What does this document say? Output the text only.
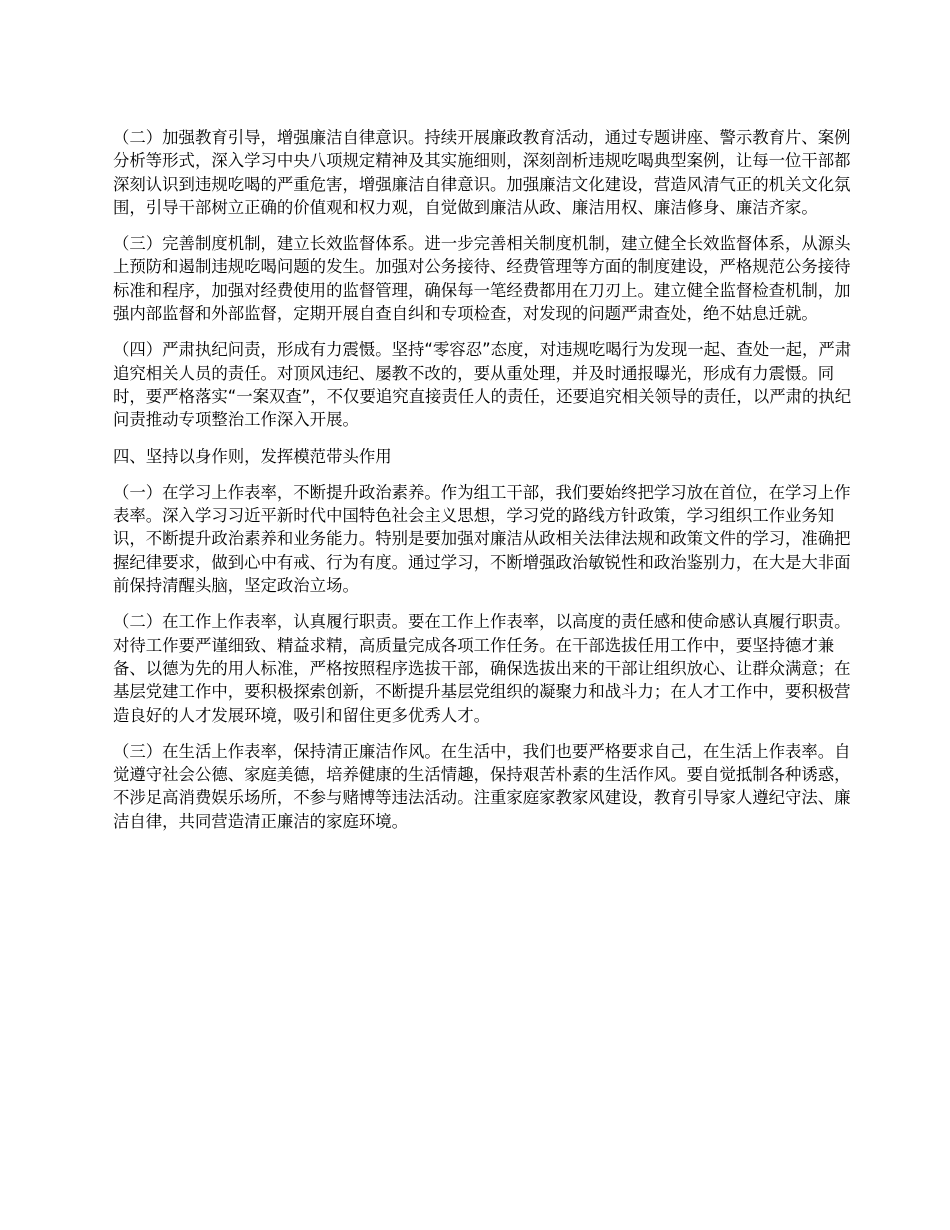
（二）加强教育引导，增强廉洁自律意识。持续开展廉政教育活动，通过专题讲座、警示教育片、案例分析等形式，深入学习中央八项规定精神及其实施细则，深刻剖析违规吃喝典型案例，让每一位干部都深刻认识到违规吃喝的严重危害，增强廉洁自律意识。加强廉洁文化建设，营造风清气正的机关文化氛围，引导干部树立正确的价值观和权力观，自觉做到廉洁从政、廉洁用权、廉洁修身、廉洁齐家。

（三）完善制度机制，建立长效监督体系。进一步完善相关制度机制，建立健全长效监督体系，从源头上预防和遏制违规吃喝问题的发生。加强对公务接待、经费管理等方面的制度建设，严格规范公务接待标准和程序，加强对经费使用的监督管理，确保每一笔经费都用在刀刃上。建立健全监督检查机制，加强内部监督和外部监督，定期开展自查自纠和专项检查，对发现的问题严肃查处，绝不姑息迁就。

（四）严肃执纪问责，形成有力震慑。坚持“零容忍”态度，对违规吃喝行为发现一起、查处一起，严肃追究相关人员的责任。对顶风违纪、屡教不改的，要从重处理，并及时通报曝光，形成有力震慑。同时，要严格落实“一案双查”，不仅要追究直接责任人的责任，还要追究相关领导的责任，以严肃的执纪问责推动专项整治工作深入开展。

四、坚持以身作则，发挥模范带头作用

（一）在学习上作表率，不断提升政治素养。作为组工干部，我们要始终把学习放在首位，在学习上作表率。深入学习习近平新时代中国特色社会主义思想，学习党的路线方针政策，学习组织工作业务知识，不断提升政治素养和业务能力。特别是要加强对廉洁从政相关法律法规和政策文件的学习，准确把握纪律要求，做到心中有戒、行为有度。通过学习，不断增强政治敏锐性和政治鉴别力，在大是大非面前保持清醒头脑，坚定政治立场。

（二）在工作上作表率，认真履行职责。要在工作上作表率，以高度的责任感和使命感认真履行职责。对待工作要严谨细致、精益求精，高质量完成各项工作任务。在干部选拔任用工作中，要坚持德才兼备、以德为先的用人标准，严格按照程序选拔干部，确保选拔出来的干部让组织放心、让群众满意；在基层党建工作中，要积极探索创新，不断提升基层党组织的凝聚力和战斗力；在人才工作中，要积极营造良好的人才发展环境，吸引和留住更多优秀人才。

（三）在生活上作表率，保持清正廉洁作风。在生活中，我们也要严格要求自己，在生活上作表率。自觉遵守社会公德、家庭美德，培养健康的生活情趣，保持艰苦朴素的生活作风。要自觉抵制各种诱惑，不涉足高消费娱乐场所，不参与赌博等违法活动。注重家庭家教家风建设，教育引导家人遵纪守法、廉洁自律，共同营造清正廉洁的家庭环境。
